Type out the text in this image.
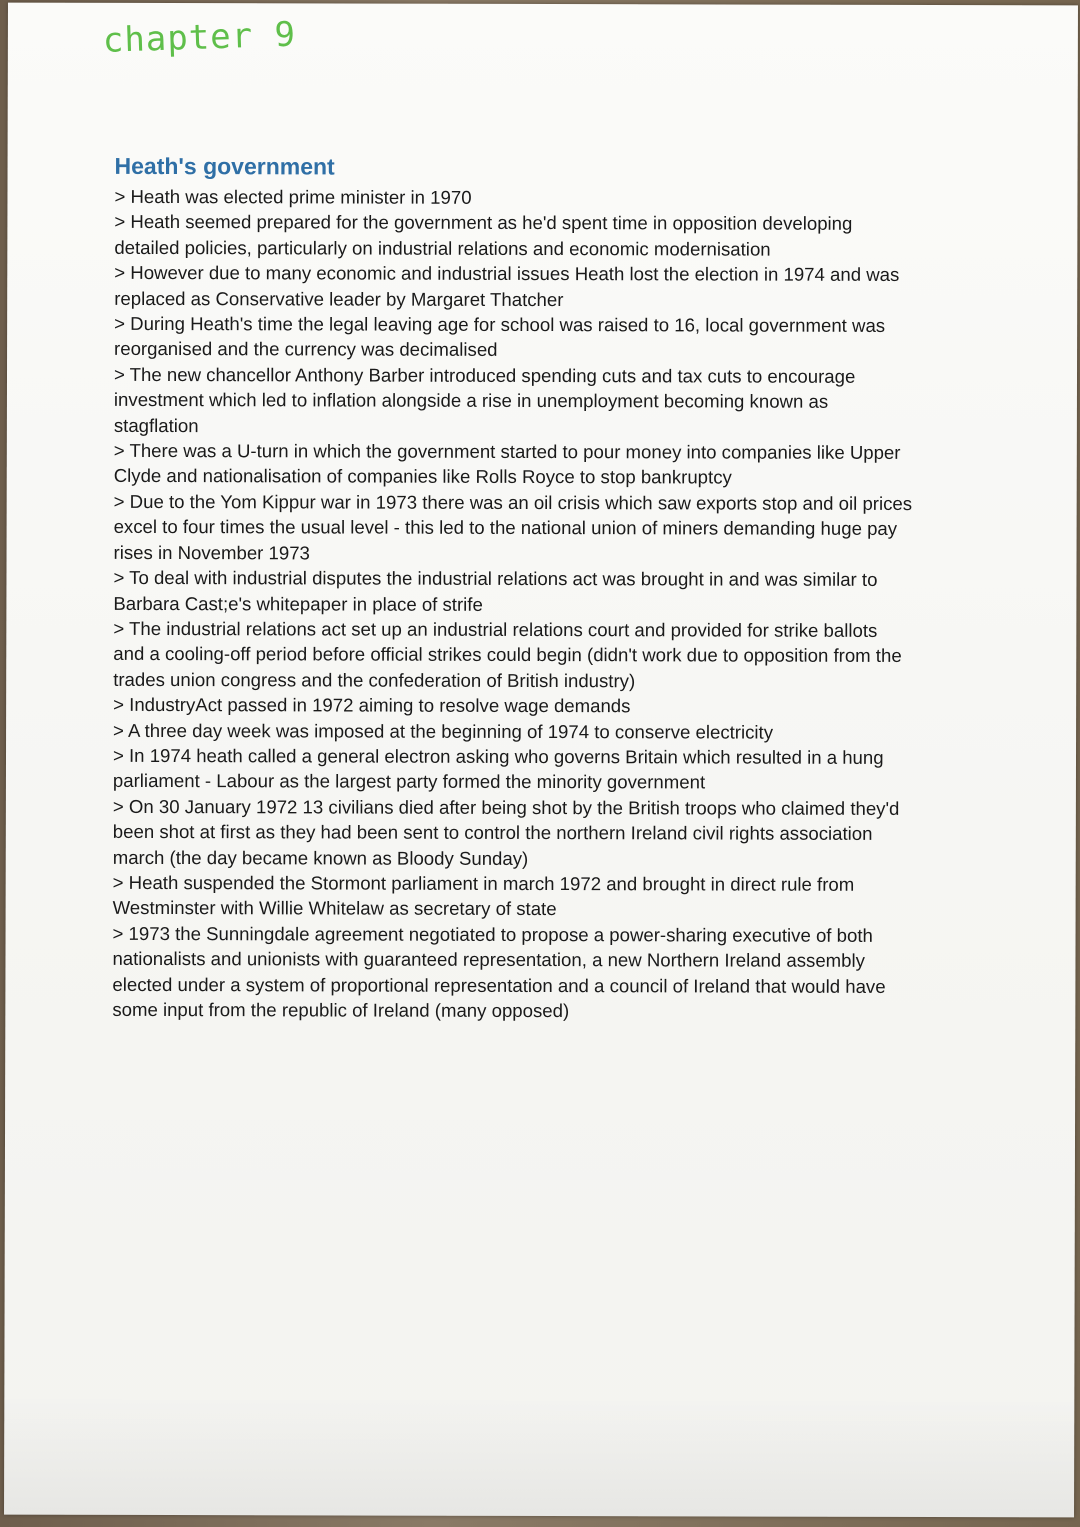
chapter 9
Heath's government
> Heath was elected prime minister in 1970
> Heath seemed prepared for the government as he'd spent time in opposition developing detailed policies, particularly on industrial relations and economic modernisation
> However due to many economic and industrial issues Heath lost the election in 1974 and was replaced as Conservative leader by Margaret Thatcher
> During Heath's time the legal leaving age for school was raised to 16, local government was reorganised and the currency was decimalised
> The new chancellor Anthony Barber introduced spending cuts and tax cuts to encourage investment which led to inflation alongside a rise in unemployment becoming known as stagflation
> There was a U-turn in which the government started to pour money into companies like Upper Clyde and nationalisation of companies like Rolls Royce to stop bankruptcy
> Due to the Yom Kippur war in 1973 there was an oil crisis which saw exports stop and oil prices excel to four times the usual level - this led to the national union of miners demanding huge pay rises in November 1973
> To deal with industrial disputes the industrial relations act was brought in and was similar to Barbara Cast;e's whitepaper in place of strife
> The industrial relations act set up an industrial relations court and provided for strike ballots and a cooling-off period before official strikes could begin (didn't work due to opposition from the trades union congress and the confederation of British industry)
> IndustryAct passed in 1972 aiming to resolve wage demands
> A three day week was imposed at the beginning of 1974 to conserve electricity
> In 1974 heath called a general electron asking who governs Britain which resulted in a hung parliament - Labour as the largest party formed the minority government
> On 30 January 1972 13 civilians died after being shot by the British troops who claimed they'd been shot at first as they had been sent to control the northern Ireland civil rights association march (the day became known as Bloody Sunday)
> Heath suspended the Stormont parliament in march 1972 and brought in direct rule from Westminster with Willie Whitelaw as secretary of state
> 1973 the Sunningdale agreement negotiated to propose a power-sharing executive of both nationalists and unionists with guaranteed representation, a new Northern Ireland assembly elected under a system of proportional representation and a council of Ireland that would have some input from the republic of Ireland (many opposed)
